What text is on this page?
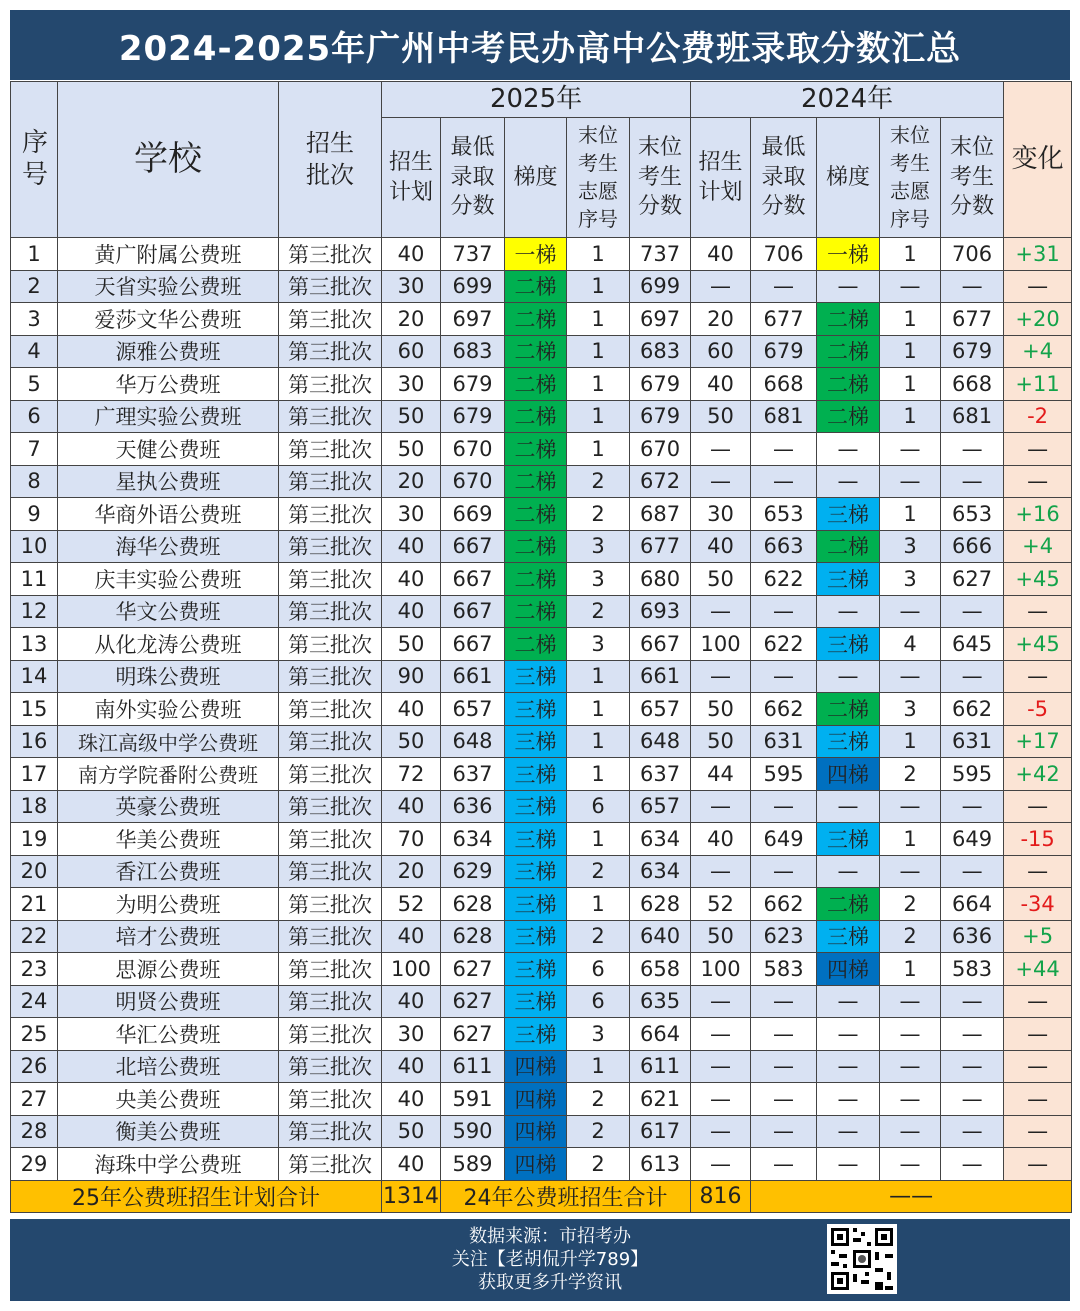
2024-2025年广州中考民办高中公费班录取分数汇总
序号	学校	招生批次	2025年					2024年					变化
			招生计划	最低录取分数	梯度	末位考生志愿序号	末位考生分数	招生计划	最低录取分数	梯度	末位考生志愿序号	末位考生分数	
1	黄广附属公费班	第三批次	40	737	一梯	1	737	40	706	一梯	1	706	+31
2	天省实验公费班	第三批次	30	699	二梯	1	699	—	—	—	—	—	—
3	爱莎文华公费班	第三批次	20	697	二梯	1	697	20	677	二梯	1	677	+20
4	源雅公费班	第三批次	60	683	二梯	1	683	60	679	二梯	1	679	+4
5	华万公费班	第三批次	30	679	二梯	1	679	40	668	二梯	1	668	+11
6	广理实验公费班	第三批次	50	679	二梯	1	679	50	681	二梯	1	681	-2
7	天健公费班	第三批次	50	670	二梯	1	670	—	—	—	—	—	—
8	星执公费班	第三批次	20	670	二梯	2	672	—	—	—	—	—	—
9	华商外语公费班	第三批次	30	669	二梯	2	687	30	653	三梯	1	653	+16
10	海华公费班	第三批次	40	667	二梯	3	677	40	663	二梯	3	666	+4
11	庆丰实验公费班	第三批次	40	667	二梯	3	680	50	622	三梯	3	627	+45
12	华文公费班	第三批次	40	667	二梯	2	693	—	—	—	—	—	—
13	从化龙涛公费班	第三批次	50	667	二梯	3	667	100	622	三梯	4	645	+45
14	明珠公费班	第三批次	90	661	三梯	1	661	—	—	—	—	—	—
15	南外实验公费班	第三批次	40	657	三梯	1	657	50	662	二梯	3	662	-5
16	珠江高级中学公费班	第三批次	50	648	三梯	1	648	50	631	三梯	1	631	+17
17	南方学院番附公费班	第三批次	72	637	三梯	1	637	44	595	四梯	2	595	+42
18	英豪公费班	第三批次	40	636	三梯	6	657	—	—	—	—	—	—
19	华美公费班	第三批次	70	634	三梯	1	634	40	649	三梯	1	649	-15
20	香江公费班	第三批次	20	629	三梯	2	634	—	—	—	—	—	—
21	为明公费班	第三批次	52	628	三梯	1	628	52	662	二梯	2	664	-34
22	培才公费班	第三批次	40	628	三梯	2	640	50	623	三梯	2	636	+5
23	思源公费班	第三批次	100	627	三梯	6	658	100	583	四梯	1	583	+44
24	明贤公费班	第三批次	40	627	三梯	6	635	—	—	—	—	—	—
25	华汇公费班	第三批次	30	627	三梯	3	664	—	—	—	—	—	—
26	北培公费班	第三批次	40	611	四梯	1	611	—	—	—	—	—	—
27	央美公费班	第三批次	40	591	四梯	2	621	—	—	—	—	—	—
28	衡美公费班	第三批次	50	590	四梯	2	617	—	—	—	—	—	—
29	海珠中学公费班	第三批次	40	589	四梯	2	613	—	—	—	—	—	—
25年公费班招生计划合计			1314	24年公费班招生合计				816	——				
数据来源：市招考办
关注【老胡侃升学789】
获取更多升学资讯
